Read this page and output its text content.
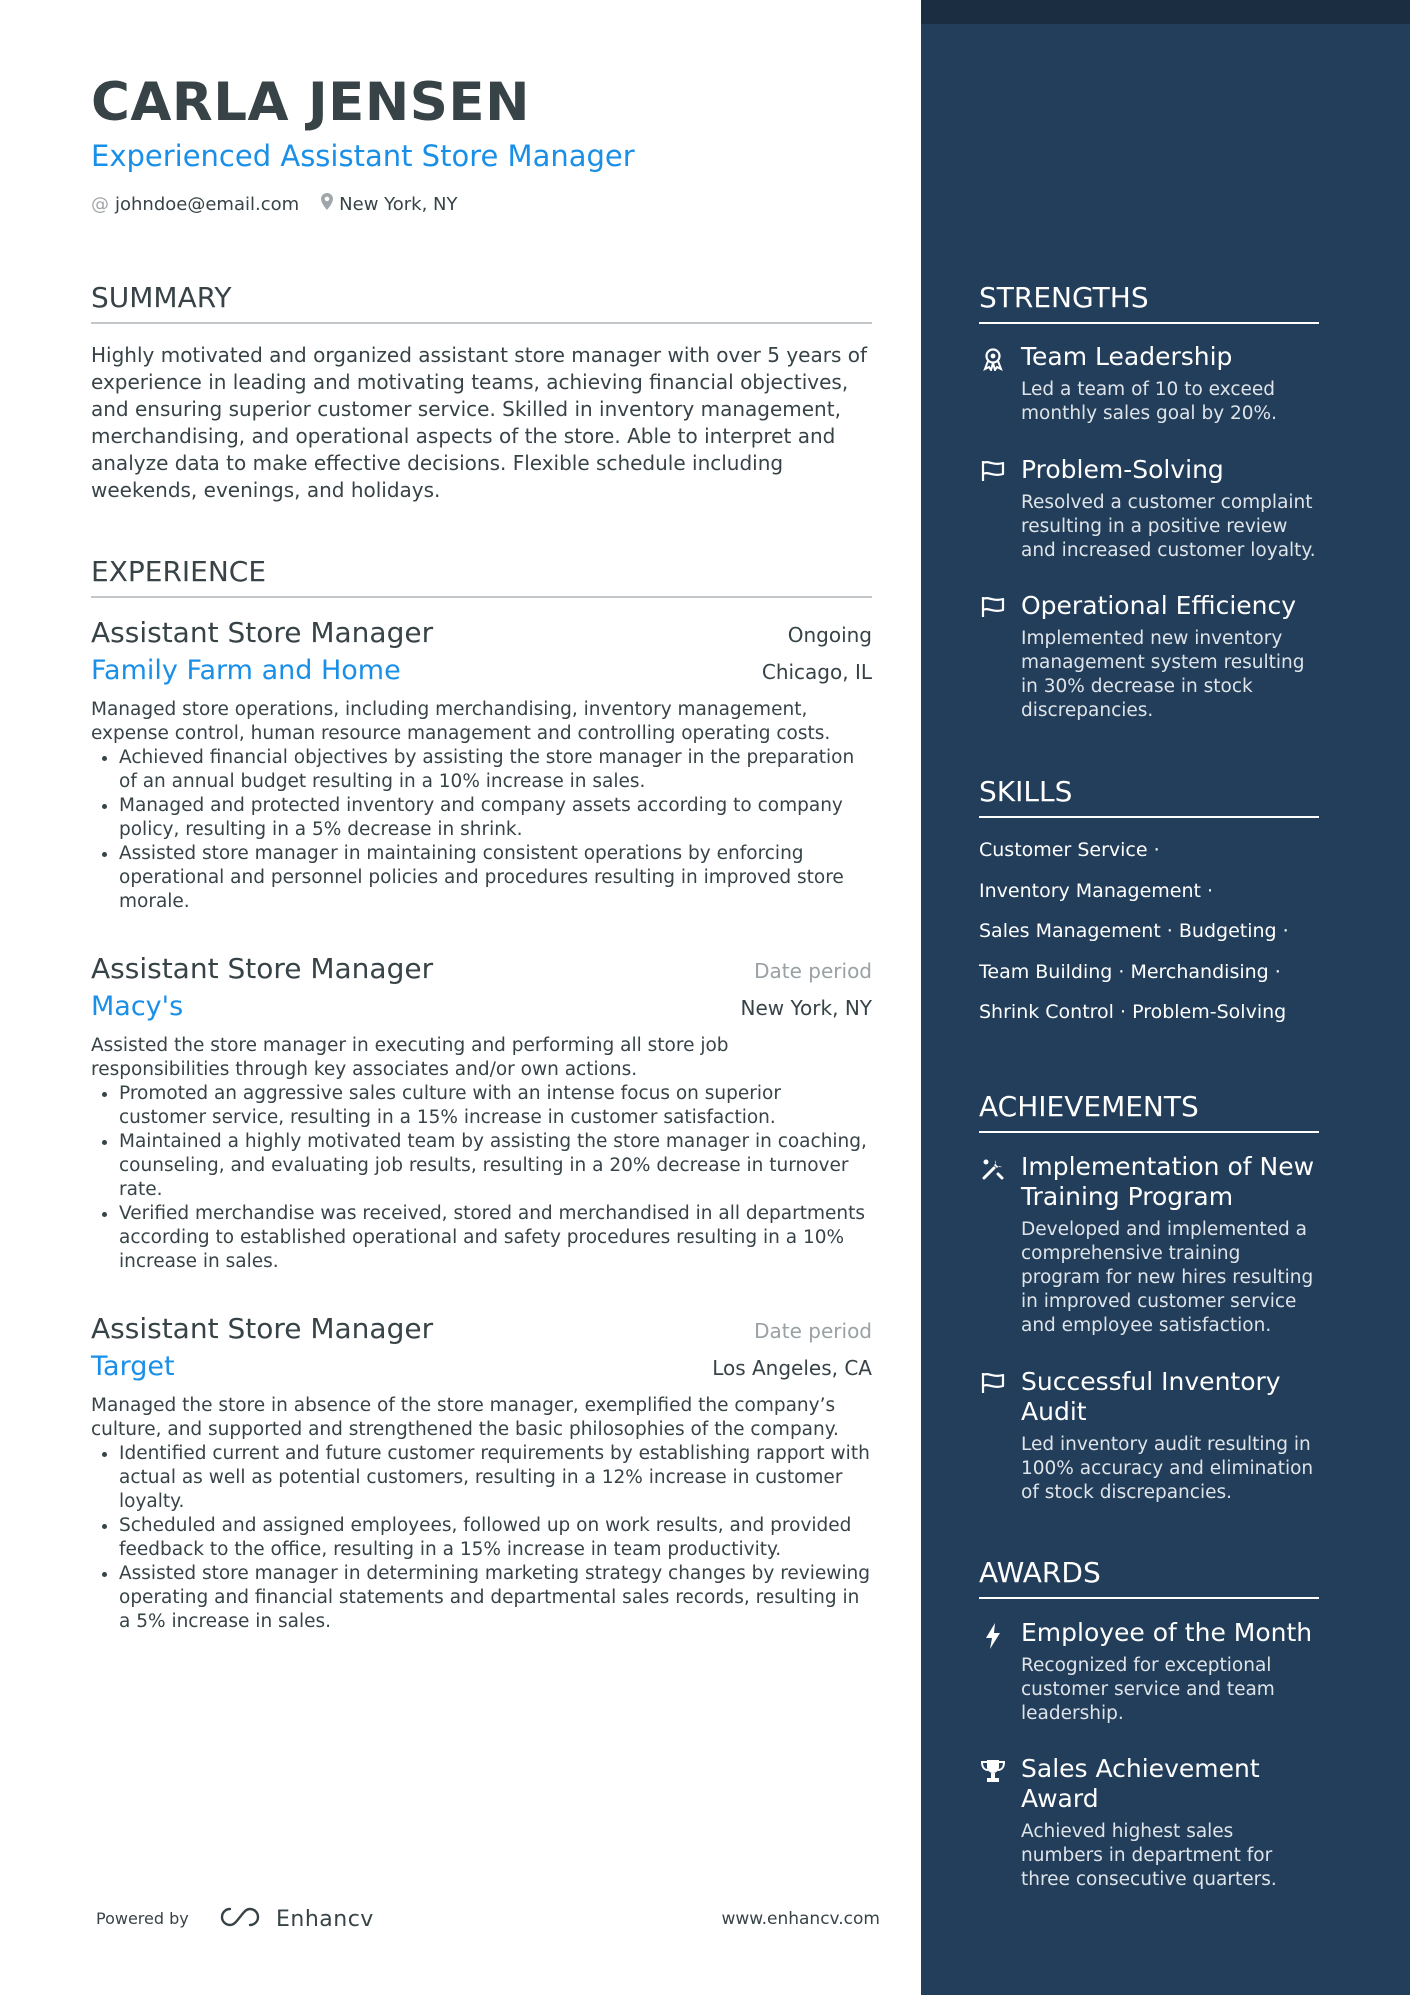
CARLA JENSEN
Experienced Assistant Store Manager
@ johndoe@email.com New York, NY
SUMMARY

Highly motivated and organized assistant store manager with over 5 years of experience in leading and motivating teams, achieving financial objectives, and ensuring superior customer service. Skilled in inventory management, merchandising, and operational aspects of the store. Able to interpret and analyze data to make effective decisions. Flexible schedule including weekends, evenings, and holidays.

EXPERIENCE
Assistant Store Manager	Ongoing
Family Farm and Home	Chicago, IL

Managed store operations, including merchandising, inventory management, expense control, human resource management and controlling operating costs.

• Achieved financial objectives by assisting the store manager in the preparation of an annual budget resulting in a 10% increase in sales.
• Managed and protected inventory and company assets according to company policy, resulting in a 5% decrease in shrink.
• Assisted store manager in maintaining consistent operations by enforcing operational and personnel policies and procedures resulting in improved store morale.
Assistant Store Manager	Date period
Macy's	New York, NY

Assisted the store manager in executing and performing all store job responsibilities through key associates and/or own actions.

• Promoted an aggressive sales culture with an intense focus on superior customer service, resulting in a 15% increase in customer satisfaction.
• Maintained a highly motivated team by assisting the store manager in coaching, counseling, and evaluating job results, resulting in a 20% decrease in turnover rate.
• Verified merchandise was received, stored and merchandised in all departments according to established operational and safety procedures resulting in a 10% increase in sales.
Assistant Store Manager	Date period
Target	Los Angeles, CA

Managed the store in absence of the store manager, exemplified the company’s culture, and supported and strengthened the basic philosophies of the company.

• Identified current and future customer requirements by establishing rapport with actual as well as potential customers, resulting in a 12% increase in customer loyalty.
• Scheduled and assigned employees, followed up on work results, and provided feedback to the office, resulting in a 15% increase in team productivity.
• Assisted store manager in determining marketing strategy changes by reviewing operating and financial statements and departmental sales records, resulting in a 5% increase in sales.
Powered by	Enhancv	www.enhancv.com
STRENGTHS
Team Leadership
Led a team of 10 to exceed monthly sales goal by 20%.
Problem-Solving
Resolved a customer complaint resulting in a positive review and increased customer loyalty.
Operational Efficiency
Implemented new inventory management system resulting in 30% decrease in stock discrepancies.
SKILLS
Customer Service ·
Inventory Management ·
Sales Management · Budgeting ·
Team Building · Merchandising ·
Shrink Control · Problem-Solving
ACHIEVEMENTS
Implementation of New Training Program
Developed and implemented a comprehensive training program for new hires resulting in improved customer service and employee satisfaction.
Successful Inventory Audit
Led inventory audit resulting in 100% accuracy and elimination of stock discrepancies.
AWARDS
Employee of the Month
Recognized for exceptional customer service and team leadership.
Sales Achievement Award
Achieved highest sales numbers in department for three consecutive quarters.
